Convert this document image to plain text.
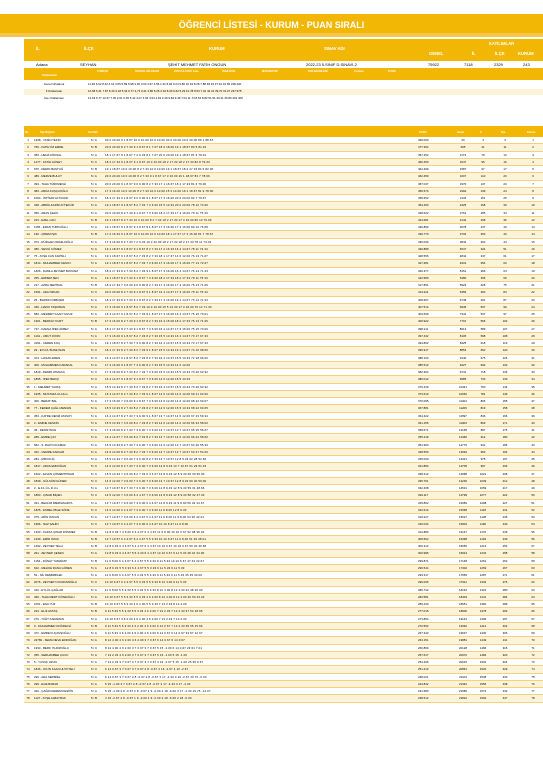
ÖĞRENCİ LİSTESİ - KURUM - PUAN SIRALI
İL	İLÇE	KURUM	SINAV ADI
KATILIMLAR
GENEL	İL	İLÇE	KURUM
Adana	SEYHAN	ŞEHİT MEHMET FATİH ONGUN	2022-23 5.SINIF D.SINAVI-2	75922	7118	2329	243
Ortalamalar
TÜRKÇE	SOSYAL BİLGİLER	DİN KÜLTÜRÜ AHL.	İNGİLİZCE	MATEMATİK	FEN BİLİMLERİ	Toplam	PUAN
Genel Ortalama	11.69 6.02 8.42 6.61 3.05 5.59 5.98 4.36 3.63 3.97 4.96 1.31 8.94 9.24 5.86 10.64 8.28 7.88 48.23 37.91 33.69 248.420
İl Ortalaması	10.68 6.41 7.87 6.40 3.18 5.34 6.77 4.73 3.21 3.80 5.26 2.04 8.30 9.62 5.29 10.78 8.53 7.32 44.31 39.70 31.07 237.675
İlçe Ortalaması	12.63 6.77 10.37 7.36 2.61 6.35 5.42 4.07 4.06 4.54 4.63 2.49 9.83 9.49 7.03 11.74 8.53 8.82 51.91 33.31 46.80 291.306
No	Öğr.Bilgileri	Sınıf/Şb	PUAN	Genel	İl	İlçe	Kurum
1	1938 - YASİN TEKİN	5 / A	20 0 20.00 9 1 8.67 10 0 10.00 10 0 10.00 20 0 20.00 20 0 20.00 89 1 88.67	496.000	20	4	3	1
2	766 - FATİH ÖZ EMRE	5 / B	20 0 20.00 8 2 7.33 9 1 8.67 8 1 7.67 18 0 18.00 19 1 18.67 83 5 81.33	477.364	605	41	11	2
3	383 - HENA KÖKSAL	5 / A	18 1 17.67 9 1 8.67 7 2 6.33 8 1 7.67 20 0 20.00 19 1 18.67 81 6 79.01	457.452	1173	79	13	3
4	1277 - FATİH GÜNEY	5 / C	18 2 17.33 9 1 8.67 9 1 8.67 10 0 10.00 18 2 17.33 18 2 17.33 82 8 79.33	466.450	1547	95	16	4
5	976 - DERİN BAŞTUĞ	5 / B	19 1 18.67 10 0 10.00 8 2 7.33 10 0 10.00 19 1 18.67 18 2 17.33 84 6 82.00	464.499	1587	97	17	5
6	489 - MERVE BULUT	5 / A	20 0 20.00 10 0 10.00 8 2 7.33 9 1 8.67 17 3 16.00 19 1 18.67 83 7 78.66	462.459	1607	110	20	6
7	394 - TAHA TÜRKMENLİ	5 / A	20 0 20.00 9 1 8.67 9 0 9.00 8 2 7.33 17 1 16.67 18 2 17.33 81 6 79.00	457.037	1970	137	23	7
8	384 - ARDA KUŞÇUOĞLU	5 / A	17 3 16.00 10 0 10.00 8 2 7.33 10 0 10.00 15 3 14.00 19 1 18.67 81 9 78.00	456.570	1992	139	24	8
9	1094 - İNTİSAR ALTUNOK	5 / C	18 2 17.33 9 1 8.67 9 0 9.00 9 1 8.67 17 3 16.00 20 0 20.00 82 7 79.67	455.652	2134	151	25	9
10	348 - ABDÜLKADİR AYTEKUR	5 / A	19 1 18.67 9 1 8.67 8 2 7.33 7 3 6.00 15 5 13.33 20 0 20.00 78 12 74.00	454.250	2425	168	30	10
11	356 - ARAS ÇELİK	5 / A	20 0 20.00 8 2 7.33 9 1 8.67 7 3 6.00 18 2 17.33 17 3 16.00 79 11 75.33	448.622	2761	185	34	11
12	223 - EZEL CAN	5 / B	19 1 18.67 8 2 7.33 10 0 10.00 8 2 7.33 18 2 17.33 17 3 16.00 80 10 76.66	444.681	3142	208	36	12
13	1155 - ERAN TÜRKOĞLU	5 / A	19 1 18.67 9 1 8.67 9 1 8.67 9 1 8.67 17 3 16.00 17 3 16.00 80 10 76.68	436.890	3678	247	40	13
14	190 - ÇİREM IŞIK	5 / B	17 2 16.33 9 1 8.67 10 0 10.00 10 0 10.00 18 1 17.67 17 3 16.00 81 7 78.67	436.779	3734	253	43	14
15	373 - RÜZGAR ORAZLIOĞLU	5 / A	17 3 16.00 8 2 7.33 7 2 6.33 10 0 10.00 18 2 17.33 18 2 17.33 78 11 74.32	435.030	3842	262	44	15
16	380 - SEVGİ CÖMEZ	5 / A	19 1 18.67 9 1 8.67 9 1 8.67 8 2 7.33 17 2 16.33 16 4 14.67 78 11 74.34	430.889	4547	324	51	16
17	75 - AYŞE CAN KAPISLI	5 / A	19 1 18.67 9 1 8.67 8 2 7.33 8 2 7.33 18 1 17.67 14 6 12.00 76 13 71.67	428.556	4842	347	61	17
18	1814 - MUHAMMED KESICI	5 / A	19 1 18.67 9 1 8.67 8 2 7.33 7 3 6.00 17 3 16.00 17 3 16.00 77 13 72.67	427.481	4931	354	63	18
19	1826 - DAMLA ZEYNEP BAYRAM	5 / A	18 2 17.33 8 2 7.33 8 2 7.33 9 1 8.67 17 3 16.00 16 4 14.67 76 14 71.33	426.377	5151	366	64	19
20	255 - ERDEM ŞEN	5 / A	19 1 18.67 8 2 7.33 9 1 8.67 7 3 6.00 18 2 17.33 18 2 17.33 79 11 75.33	422.580	5480	396	69	20
21	217 - AZRA SERTDAL	5 / B	18 2 17.33 7 3 6.00 9 0 9.00 8 2 7.33 17 3 16.00 17 3 16.00 76 13 71.66	417.891	5929	428	75	21
22	1591 - ADA ÖZKAN	5 / C	20 0 20.00 8 2 7.33 9 1 8.67 9 1 8.67 16 4 14.67 17 3 16.00 79 11 75.34	413.221	6356	460	84	22
23	25 - BARKIN ÖZBİÇER	5 / A	18 2 17.33 8 2 7.33 9 1 8.67 8 2 7.33 17 3 16.00 16 4 14.67 76 14 71.33	409.667	6748	491	87	23
24	346 - HAKKI TAŞKIRAN	5 / A	17 3 16.00 9 1 8.67 8 2 7.33 10 0 10.00 15 5 13.33 17 3 16.00 76 14 71.33	407.514	6945	507	90	24
25	583 - MEHMET KAAN YAVUZ	5 / A	16 4 14.67 9 1 8.67 8 2 7.33 9 1 8.67 17 3 16.00 16 4 14.67 75 15 70.01	403.699	7341	537	97	25
26	1901 - BERKAY KURT	5 / B	17 3 16.00 8 2 7.33 9 1 8.67 8 2 7.33 16 3 15.00 18 2 17.33 76 13 71.66	400.922	7701	566	102	26
27	737 - DAMLA İPEK AKBEY	5 / A	18 2 17.33 8 2 7.33 9 1 8.67 7 3 6.00 16 4 14.67 17 3 16.00 75 15 70.00	398.211	8013	589	107	27
28	1101 - UMUT AYDIN	5 / A	17 3 16.00 9 1 8.67 8 2 7.33 8 2 7.33 15 5 13.33 16 4 14.67 73 17 67.33	397.432	8105	598	108	28
29	3191 - CEREN KOÇ	5 / A	19 1 18.67 8 2 7.33 7 3 6.00 8 2 7.33 16 4 14.67 15 5 13.33 73 17 67.33	394.802	8425	618	113	29
30	29 - EYLÜL BUSE İNAN	5 / C	18 2 17.33 8 2 7.33 8 2 7.33 9 1 8.67 15 5 13.33 16 4 14.67 74 16 68.66	390.917	8853	652	120	30
31	474 - HASAN EREN	5 / C	16 4 14.67 9 1 8.67 8 2 7.33 8 2 7.33 16 4 14.67 15 5 13.33 72 18 66.00	388.160	9140	675	126	31
32	306 - MUHAMMED KARAKAL	5 / A	17 3 16.00 9 1 8.67 7 3 6.00 8 2 7.33 15 5 13.33 14 6 12.00	385.513	9427	692	132	32
33	1819 - DEMİR ATMACA	5 / C	17 3 16.00 8 2 7.33 8 2 7.33 7 3 6.00 15 5 13.33 15 5 13.33 70 20 63.32	382.304	9741	718	135	33
34	1895 - İPEK BEKÇİ	5 / C	16 4 14.67 9 1 8.67 9 1 8.67 7 3 6.00 14 6 12.00 15 5 13.33	380.012	9985	733	139	34
35	1 - MEHMET YAVAŞ	5 / A	15 5 13.33 8 2 7.33 8 2 7.33 8 2 7.33 16 4 14.67 15 5 13.33 70 20 63.32	376.440	10341	760	144	35
36	1935 - MUSTAFA ULAŞ G.	5 / A	16 4 14.67 8 2 7.33 8 2 7.33 9 1 8.67 14 6 12.00 14 6 12.00 69 21 62.00	373.610	10652	781	149	36
37	400 - BERAT BAL	5 / A	17 3 16.00 7 3 6.00 9 1 8.67 7 3 6.00 14 6 12.00 14 6 12.00 68 22 60.67	370.095	11004	806	155	37
38	77 - KEREM ÇAĞLI ZENGİN	5 / A	15 5 13.33 8 2 7.33 8 2 7.33 8 2 7.33 14 6 12.00 15 5 13.33 68 22 60.65	367.881	11206	819	158	38
39	353 - KATRE DENİZ ATASOY	5 / A	16 4 14.67 8 2 7.33 7 3 6.00 9 1 8.67 13 7 10.67 14 6 12.00 67 23 59.34	364.422	11597	846	166	39
40	2 - EMİNE KESKİN	5 / A	15 5 13.33 7 3 6.00 8 2 7.33 8 2 7.33 14 6 12.00 14 6 12.00 66 24 58.00	361.155	11903	869	171	40
41	45 - DENİZ İNCE	5 / A	17 3 16.00 8 2 7.33 7 3 6.00 7 3 6.00 13 7 10.67 13 7 10.67 65 25 56.67	358.671	12165	887	176	41
42	289 - EMRE ÇAY	5 / A	16 4 14.67 7 3 6.00 8 2 7.33 8 2 7.33 13 7 10.67 14 6 12.00 66 24 58.00	355.219	12460	912	180	42
43	662 - S. RAZ KOCAMAZ	5 / A	15 5 13.33 8 2 7.33 7 3 6.00 7 3 6.00 14 6 12.00 13 7 10.67 64 26 55.33	351.903	12776	931	186	43
44	322 - CEMRE KARLAR	5 / A	14 6 12.00 8 2 7.33 8 2 7.33 7 3 6.00 13 7 10.67 13 7 10.67 63 27 54.00	348.550	13094	953	192	44
45	284 - MİR KILIÇ	5 / A	15 5 13.33 7 3 6.00 7 3 6.00 8 2 7.33 13 7 10.67 12 8 9.33 62 28 52.66	345.009	13421	978	197	45
46	1817 - ARAS ERDOĞAN	5 / C	14 6 12.00 8 2 7.33 7 3 6.00 7 3 6.00 12 8 9.33 13 7 10.67 61 29 51.33	341.884	13705	997	203	46
47	1602 - ELVAN ÇÖMERTPINAR	5 / C	15 5 13.33 7 3 6.00 8 2 7.33 6 4 4.67 12 8 9.33 12 8 9.33 60 30 50.00	338.412	13998	1021	208	47
48	1839 - GÜLSÜM GÜNER	5 / C	14 6 12.00 7 3 6.00 7 3 6.00 7 3 6.00 13 7 10.67 12 8 9.33 60 30 50.00	335.761	14236	1039	212	48
49	2 - E.F.L.Ü.L.D.U.L	5 / A	13 7 10.67 8 2 7.33 7 3 6.00 7 3 6.00 12 8 9.33 12 8 9.33 59 31 48.66	332.408	14531	1059	217	49
50	1803 - ÇINAR BİÇEN	5 / C	14 6 12.00 7 3 6.00 6 4 4.67 7 3 6.00 12 8 9.33 12 8 9.33 58 32 47.33	329.117	14799	1077	222	50
51	331 - BEGÜM İMERİHSARYA	5 / A	13 7 10.67 7 3 6.00 7 3 6.00 6 4 4.67 12 8 9.33 11 9 8.00 56 34 44.67	325.802	15084	1098	227	51
52	1825 - ESMELİ BGE SÖNE	5 / C	14 6 12.00 6 4 4.67 7 3 6.00 7 3 6.00 11 9 8.00 12 8 9.33	322.614	15368	1118	231	52
53	375 - ARİN ÖZCAN	5 / A	13 7 10.67 7 3 6.00 6 4 4.67 6 4 4.67 11 9 8.00 11 9 8.00 54 36 42.01	319.227	15627	1138	236	53
54	1996 - NAZ ŞAHİN	5 / C	13 7 10.67 6 4 4.67 7 3 6.00 6 4 4.67 10 10 6.67 11 9 8.00	316.044	15904	1160	240	54
55	1333 - KAFKA ÇINAR DÖNMEZ	5 / B	12 8 9.33 7 3 6.00 6 4 4.67 6 4 4.67 11 9 8.00 10 10 6.67 52 38 39.34	312.880	16147	1176	245	55
56	1339 - EMİR ÖZAK	5 / B	13 7 10.67 6 4 4.67 6 4 4.67 5 5 3.33 10 10 6.67 11 9 8.00 51 39 38.01	309.562	16398	1194	249	56
57	1492 - ZEYNEP TELLİ	5 / B	12 8 9.33 6 4 4.67 6 4 4.67 6 4 4.67 10 10 6.67 10 10 6.67 50 40 36.68	306.313	16650	1213	253	57
58	261 - ZEYNEP ÇEKEN	5 / A	12 8 9.33 6 4 4.67 5 5 3.33 6 4 4.67 10 10 6.67 9 11 5.33 48 42 34.00	302.996	16913	1232	258	58
59	1154 - DÜNAY YAMARAT	5 / B	11 9 8.00 6 4 4.67 6 4 4.67 5 5 3.33 9 11 5.33 10 10 6.67 47 43 32.67	299.871	17148	1251	262	59
60	622 - MELİKE RANA GÖREN	5 / A	12 8 9.33 5 5 3.33 6 4 4.67 5 5 3.33 9 11 5.33 9 11 5.33	296.544	17402	1269	267	60
61	52 - NİL DEMİRBİLEK	5 / A	11 9 8.00 6 4 4.67 5 5 3.33 5 5 3.33 9 11 5.33 9 11 5.33 45 45 30.00	293.317	17650	1287	271	61
62	2076 - ZEYNEP N.KURUMOĞLU	5 / C	10 10 6.67 6 4 4.67 5 5 3.33 5 5 3.33 8 12 4.00 9 11 5.33	290.006	17911	1304	276	62
63	310 - EYLÜL ÇAĞLAR	5 / A	11 9 8.00 5 5 3.33 5 5 3.33 5 5 3.33 8 12 4.00 8 12 4.00 42 48 26.00	286.742	18164	1323	280	63
64	460 - TAHA MERT KÖSEOĞLU	5 / A	10 10 6.67 5 5 3.33 5 5 3.33 4 6 2.00 8 12 4.00 8 12 4.00 40 50 23.33	283.581	18403	1341	284	64
65	1051 - ENA YÜZ	5 / B	10 10 6.67 5 5 3.33 4 6 2.00 5 5 3.33 7 13 2.33 8 12 4.00	280.230	18651	1360	289	65
66	224 - ELİF AKTAŞ	5 / B	9 11 5.33 5 5 3.33 5 5 3.33 4 6 2.00 7 13 2.33 7 13 2.33 37 53 18.65	277.015	18900	1378	293	66
67	276 - YİĞİT KARAMAN	5 / A	10 10 6.67 4 6 2.00 4 6 2.00 4 6 2.00 7 13 2.33 7 13 2.33	273.894	19144	1396	297	67
68	0 - MUHAMMED DOĞDEVLİ	5 / B	9 11 5.33 5 5 3.33 4 6 2.00 4 6 2.00 6 14 0.67 7 13 2.33 35 55 15.66	270.552	19392	1412	302	68
69	472 - EMRE KUÇAVŞOĞLU	5 / A	9 11 5.33 4 6 2.00 4 6 2.00 4 6 2.00 6 14 0.67 6 14 0.67 33 57 12.67	267.340	19637	1430	306	69
70	22769 - SEMA NEVA ERDOĞAN	5 / A	8 12 4.00 4 6 2.00 4 6 2.00 3 7 0.67 6 14 0.67 6 14 0.67	264.151	19881	1449	311	70
71	1933 - BERK YILDIZOĞLU	5 / C	8 12 4.00 4 6 2.00 3 7 0.67 3 7 0.67 5 15 -1.00 6 14 0.67 29 61 7.01	260.860	20128	1466	315	71
72	355 - SERHANBEE ÇUCU	5 / A	7 13 2.33 4 6 2.00 3 7 0.67 3 7 0.67 5 15 -1.00 5 15 -1.00	257.617	20370	1484	320	72
73	5 - YUSUF UZUN	5 / A	7 13 2.33 3 7 0.67 3 7 0.67 3 7 0.67 4 16 -2.67 5 15 -1.00 25 65 0.67	254.406	20615	1502	324	73
74	1846 - AYLİN KAAN HUYKTELİ	5 / C	6 14 0.67 3 7 0.67 3 7 0.67 2 8 -0.67 4 16 -2.67 4 16 -2.67	251.213	20861	1520	329	74
75	299 - ADA SERMİEL	5 / A	6 14 0.67 3 7 0.67 2 8 -0.67 2 8 -0.67 3 17 -4.33 4 16 -2.67 20 70 -6.00	248.021	21103	1538	333	75
76	299 - EGE BARAN	5 / A	5 15 -1.00 3 7 0.67 2 8 -0.67 2 8 -0.67 3 17 -4.33 3 17 -4.33	244.842	21342	1556	338	76
77	420 - ÇAĞRI KEREM KESKİN	5 / A	5 15 -1.00 2 8 -0.67 2 8 -0.67 1 9 -2.00 2 18 -6.00 3 17 -4.33 15 75 -14.67	241.680	21580	1574	342	77
78	1127 - AYŞE ALBAYRAK	5 / B	4 16 -2.67 2 8 -0.67 1 9 -2.00 1 9 -2.00 2 18 -6.00 2 18 -6.00	238.512	21822	1592	347	78
